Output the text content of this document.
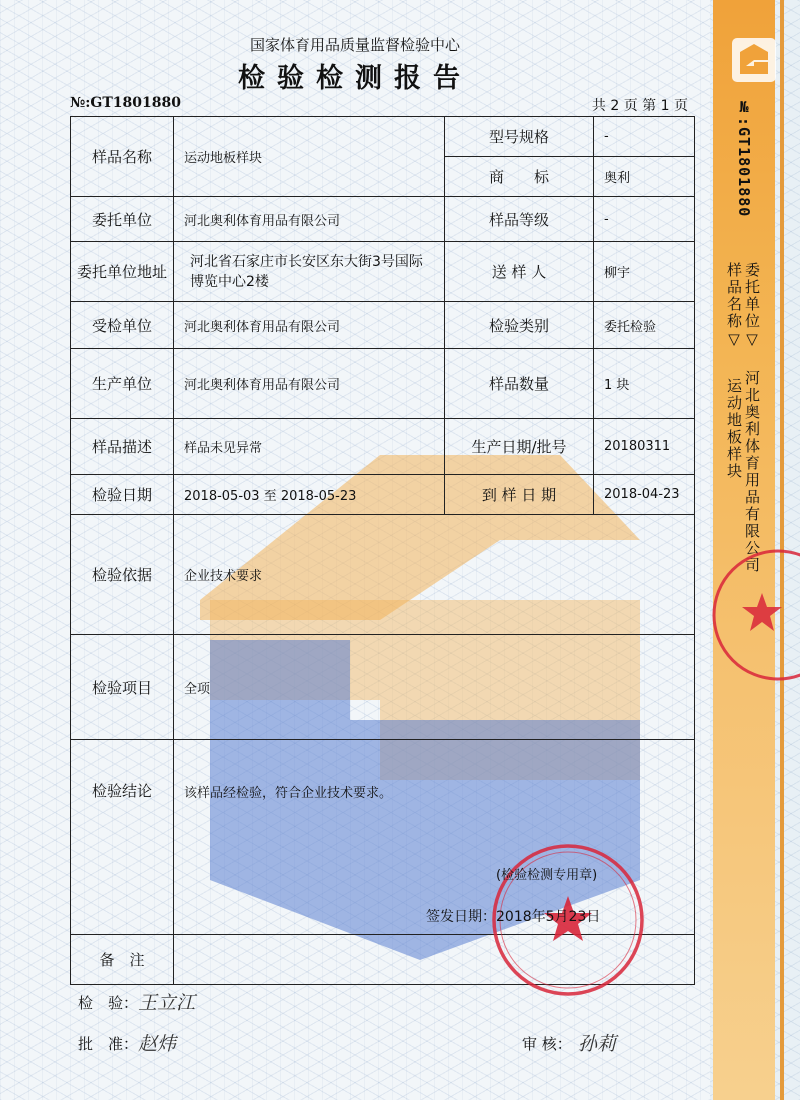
№:GT1801880
委托单位▽
样品名称▽
河北奥利体育用品有限公司
运动地板样块
国家体育用品质量监督检验中心
检验检测报告
№:GT1801880	共 2 页 第 1 页
样品名称	运动地板样块	型号规格	-
		商　　标	奥利
委托单位	河北奥利体育用品有限公司	样品等级	-
委托单位地址	河北省石家庄市长安区东大街3号国际博览中心2楼	送 样 人	柳宇
受检单位	河北奥利体育用品有限公司	检验类别	委托检验
生产单位	河北奥利体育用品有限公司	样品数量	1 块
样品描述	样品未见异常	生产日期/批号	20180311
检验日期	2018-05-03 至 2018-05-23	到 样 日 期	2018-04-23
检验依据	企业技术要求		
检验项目	全项		
检验结论	该样品经检验，符合企业技术要求。		
备　注			
(检验检测专用章)
签发日期：2018年5月23日
检　验： 王立江
批　准： 赵炜	审 核： 孙莉
